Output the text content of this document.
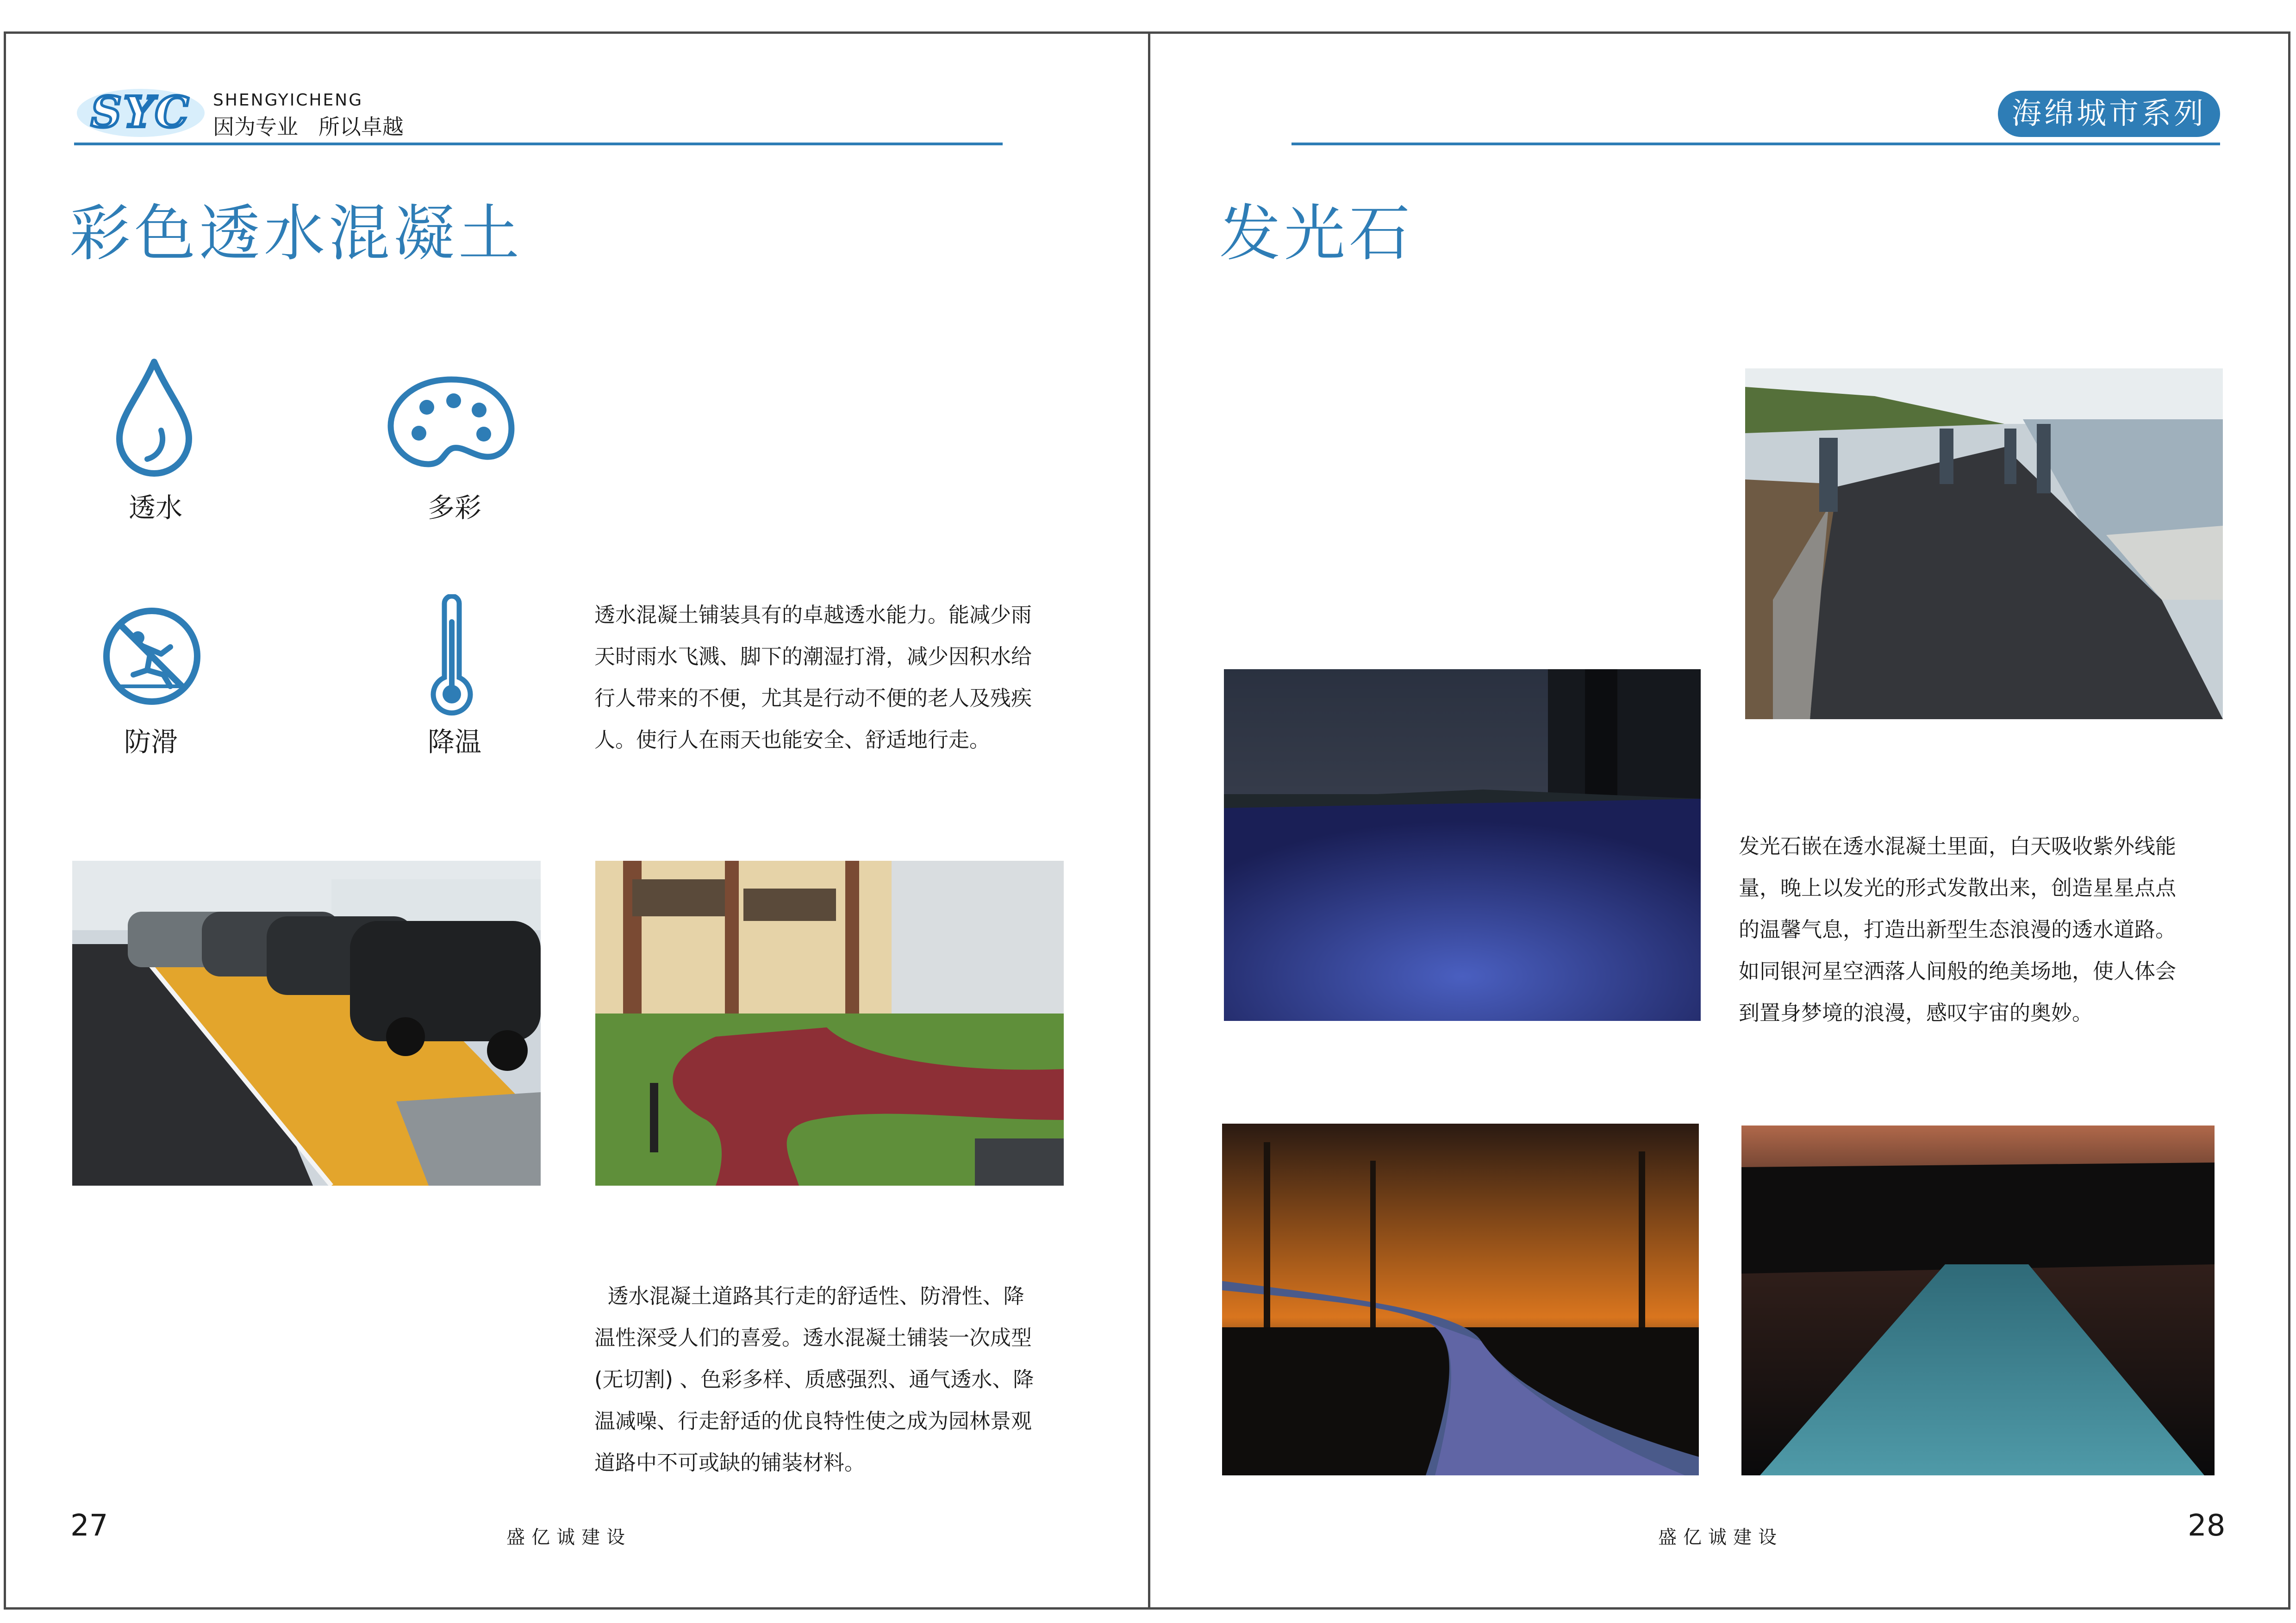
SYC SHENGYICHENG
因为专业   所以卓越
彩色透水混凝土
透水	多彩
防滑	降温

透水混凝土铺装具有的卓越透水能力。能减少雨

天时雨水飞溅、脚下的潮湿打滑，减少因积水给

行人带来的不便，尤其是行动不便的老人及残疾

人。使行人在雨天也能安全、舒适地行走。

透水混凝土道路其行走的舒适性、防滑性、降

温性深受人们的喜爱。透水混凝土铺装一次成型

(无切割) 、色彩多样、质感强烈、通气透水、降

温减噪、行走舒适的优良特性使之成为园林景观

道路中不可或缺的铺装材料。

27	盛亿诚建设
海绵城市系列
发光石

发光石嵌在透水混凝土里面，白天吸收紫外线能

量，晚上以发光的形式发散出来，创造星星点点

的温馨气息，打造出新型生态浪漫的透水道路。

如同银河星空洒落人间般的绝美场地，使人体会

到置身梦境的浪漫，感叹宇宙的奥妙。

盛亿诚建设	28
